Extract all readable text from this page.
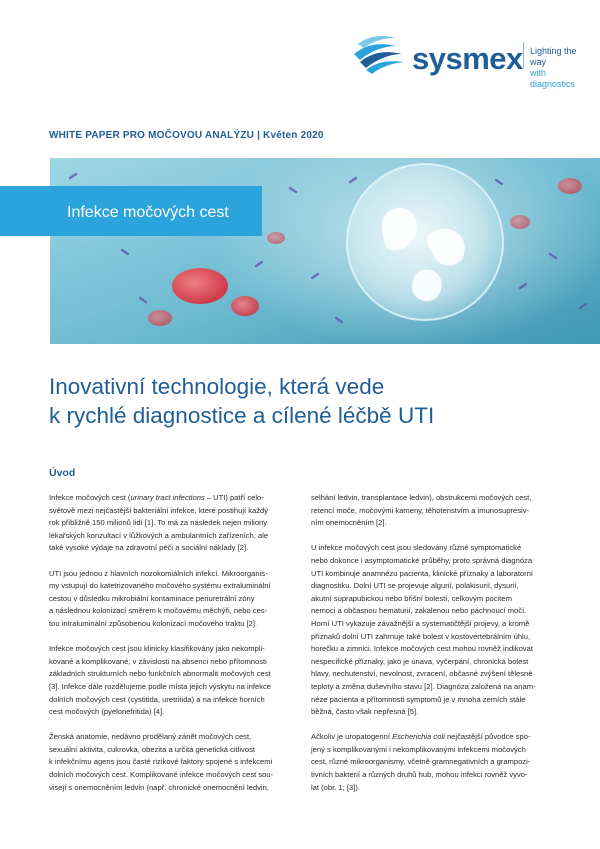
sysmex Lighting the way
with diagnostics
WHITE PAPER PRO MOČOVOU ANALÝZU | Květen 2020
Infekce močových cest
Inovativní technologie, která vede
k rychlé diagnostice a cílené léčbě UTI
Úvod

Infekce močových cest (urinary tract infections – UTI) patří celo-
světově mezi nejčastější bakteriální infekce, které postihují každý
rok přibližně 150 milionů lidí [1]. To má za následek nejen miliony
lékařských konzultací v lůžkových a ambulantních zařízeních, ale
také vysoké výdaje na zdravotní péči a sociální náklady [2].

UTI jsou jednou z hlavních nozokomiálních infekcí. Mikroorganis-
my vstupují do katetrizovaného močového systému extraluminální
cestou v důsledku mikrobiální kontaminace periuretrální zóny
a následnou kolonizací směrem k močovému měchýři, nebo ces-
tou intraluminální způsobenou kolonizací močového traktu [2].

Infekce močových cest jsou klinicky klasifikovány jako nekompli-
kované a komplikované, v závislosti na absenci nebo přítomnosti
základních strukturních nebo funkčních abnormalit močových cest
[3]. Infekce dále rozdělujeme podle místa jejich výskytu na infekce
dolních močových cest (cystitida, uretritida) a na infekce horních
cest močových (pyelonefritida) [4].

Ženská anatomie, nedávno prodělaný zánět močových cest,
sexuální aktivita, cukrovka, obezita a určitá genetická citlivost
k infekčnímu agens jsou časté rizikové faktory spojené s infekcemi
dolních močových cest. Komplikované infekce močových cest sou-
visejí s onemocněním ledvin (např. chronické onemocnění ledvin,

selhání ledvin, transplantace ledvin), obstrukcemi močových cest,
retencí moče, močovými kameny, těhotenstvím a imunosupresiv-
ním onemocněním [2].

U infekce močových cest jsou sledovány různé symptomatické
nebo dokonce i asymptomatické průběhy, proto správná diagnóza
UTI kombinuje anamnézu pacienta, klinické příznaky a laboratorní
diagnostiku. Dolní UTI se projevuje algurií, polakisurií, dysurií,
akutní suprapubickou nebo břišní bolestí, celkovým pocitem
nemoci a občasnou hematurií, zakalenou nebo páchnoucí močí.
Horní UTI vykazuje závažnější a systematičtější projevy, a kromě
příznaků dolní UTI zahrnuje také bolest v kostovertebrálním úhlu,
horečku a zimnici. Infekce močových cest mohou rovněž indikovat
nespecifické příznaky, jako je únava, vyčerpání, chronická bolest
hlavy, nechutenství, nevolnost, zvracení, občasné zvýšení tělesné
teploty a změna duševního stavu [2]. Diagnóza založená na anam-
néze pacienta a přítomnosti symptomů je v mnoha zemích stále
běžná, často však nepřesná [5].

Ačkoliv je uropatogenní Escherichia coli nejčastější původce spo-
jený s komplikovanými i nekomplikovanými infekcemi močových
cest, různé mikroorganismy, včetně gramnegativních a grampozi-
tivních bakterií a různých druhů hub, mohou infekci rovněž vyvo-
lat (obr. 1; [3]).
